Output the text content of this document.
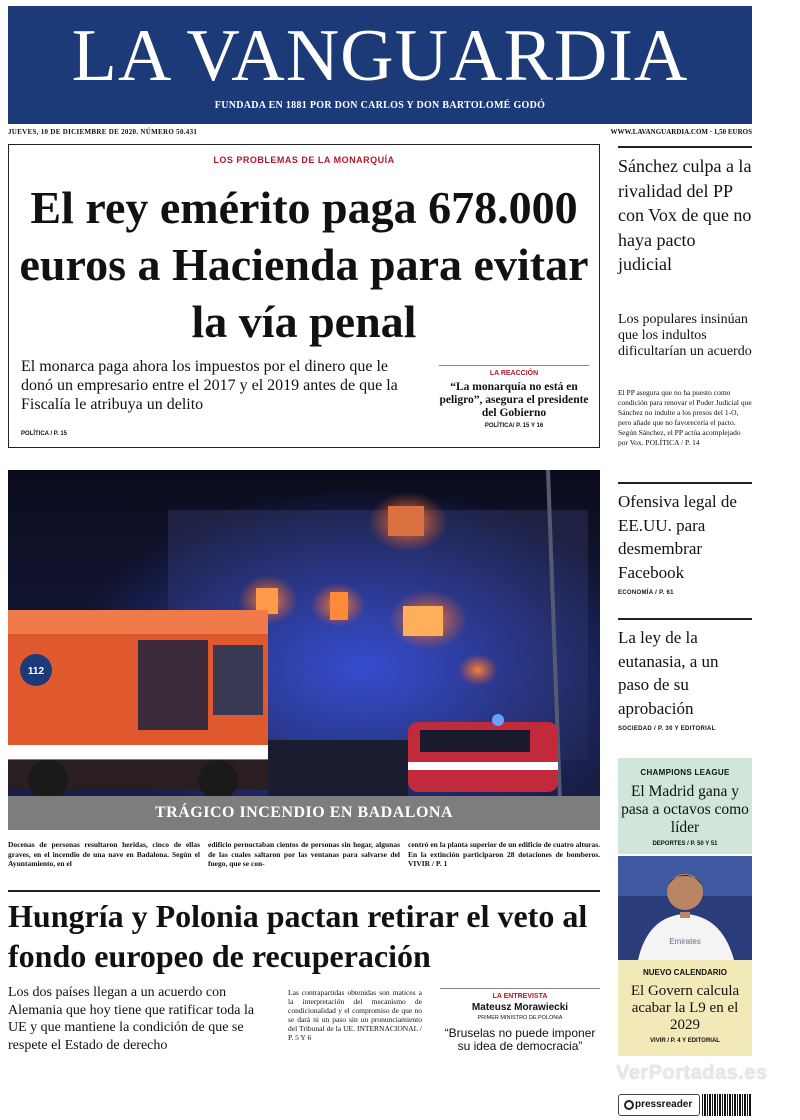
LA VANGUARDIA
FUNDADA EN 1881 POR DON CARLOS Y DON BARTOLOMÉ GODÓ
JUEVES, 10 DE DICIEMBRE DE 2020. NÚMERO 50.431	WWW.LAVANGUARDIA.COM · 1,50 EUROS
LOS PROBLEMAS DE LA MONARQUÍA
El rey emérito paga 678.000 euros a Hacienda para evitar la vía penal
El monarca paga ahora los impuestos por el dinero que le donó un empresario entre el 2017 y el 2019 antes de que la Fiscalía le atribuya un delito
POLÍTICA / P. 15
LA REACCIÓN
“La monarquía no está en peligro”, asegura el presidente del Gobierno
POLÍTICA/ P. 15 Y 16
112
TRÁGICO INCENDIO EN BADALONA
Docenas de personas resultaron heridas, cinco de ellas graves, en el incendio de una nave en Badalona. Según el Ayuntamiento, en el
edificio pernoctaban cientos de personas sin hogar, algunas de las cuales saltaron por las ventanas para salvarse del fuego, que se con-
centró en la planta superior de un edificio de cuatro alturas. En la extinción participaron 28 dotaciones de bomberos. VIVIR / P. 1
Hungría y Polonia pactan retirar el veto al fondo europeo de recuperación
Los dos países llegan a un acuerdo con Alemania que hoy tiene que ratificar toda la UE y que mantiene la condición de que se respete el Estado de derecho
Las contrapartidas obtenidas son matices a la interpretación del mecanismo de condicionalidad y el compromiso de que no se dará ni un paso sin un pronunciamiento del Tribunal de la UE. INTERNACIONAL / P. 5 Y 6
LA ENTREVISTA
Mateusz Morawiecki
PRIMER MINISTRO DE POLONIA
“Bruselas no puede imponer su idea de democracia”
Sánchez culpa a la rivalidad del PP con Vox de que no haya pacto judicial
Los populares insinúan que los indultos dificultarían un acuerdo
El PP asegura que no ha puesto como condición para renovar el Poder Judicial que Sánchez no indulte a los presos del 1-O, pero añade que no favorecería el pacto. Según Sánchez, el PP actúa acomplejado por Vox. POLÍTICA / P. 14
Ofensiva legal de EE.UU. para desmembrar Facebook
ECONOMÍA / P. 61
La ley de la eutanasia, a un paso de su aprobación
SOCIEDAD / P. 30 Y EDITORIAL
CHAMPIONS LEAGUE
El Madrid gana y pasa a octavos como líder
DEPORTES / P. 50 Y 51
Emirates
NUEVO CALENDARIO
El Govern calcula acabar la L9 en el 2029
VIVIR / P. 4 Y EDITORIAL
VerPortadas.es
pressreader
